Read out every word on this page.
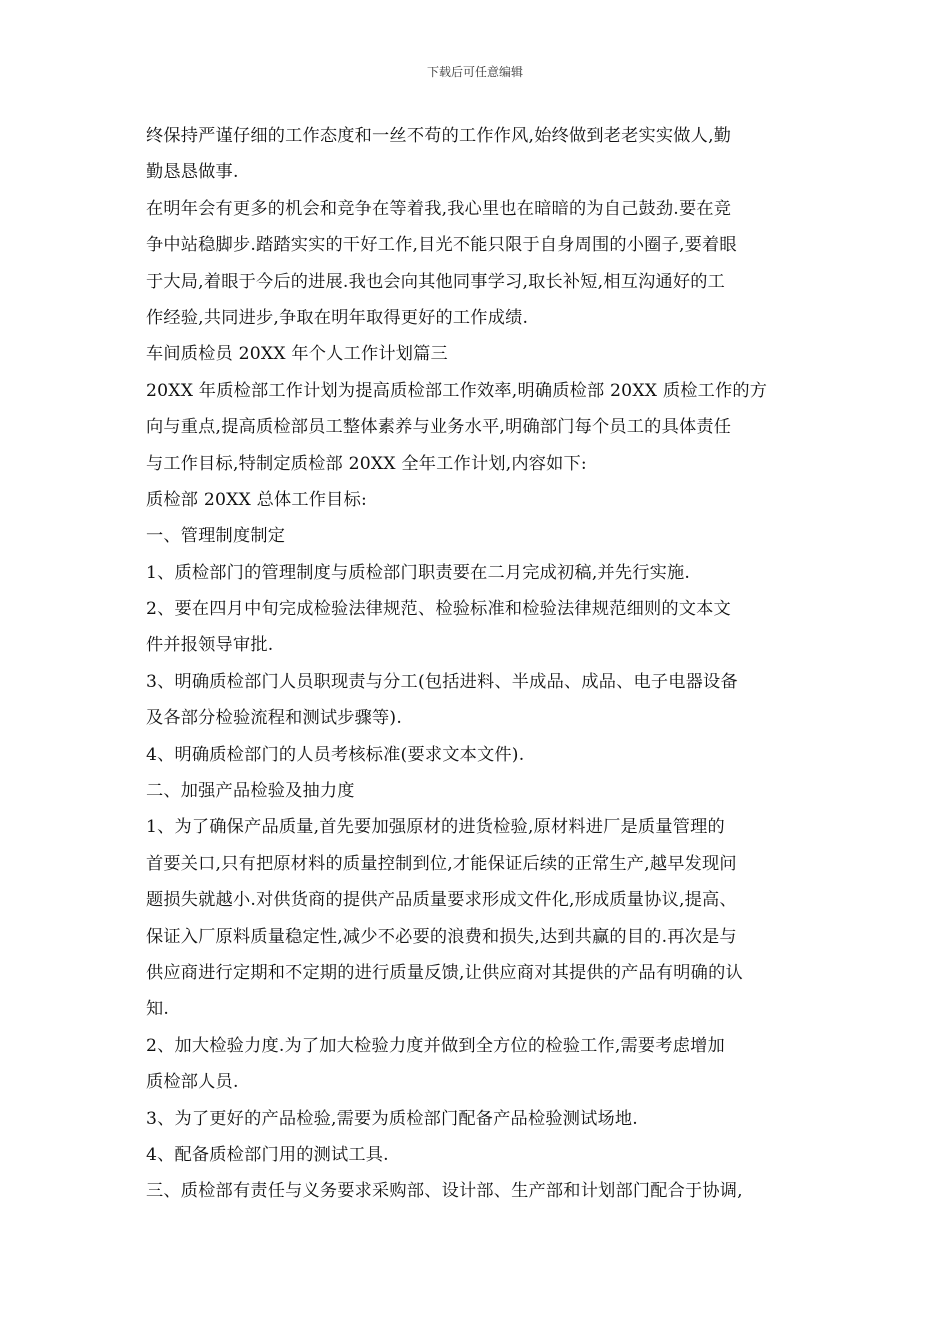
下载后可任意编辑
终保持严谨仔细的工作态度和一丝不苟的工作作风,始终做到老老实实做人,勤
勤恳恳做事.
在明年会有更多的机会和竞争在等着我,我心里也在暗暗的为自己鼓劲.要在竞
争中站稳脚步.踏踏实实的干好工作,目光不能只限于自身周围的小圈子,要着眼
于大局,着眼于今后的进展.我也会向其他同事学习,取长补短,相互沟通好的工
作经验,共同进步,争取在明年取得更好的工作成绩.
车间质检员 20XX 年个人工作计划篇三
20XX 年质检部工作计划为提高质检部工作效率,明确质检部 20XX 质检工作的方
向与重点,提高质检部员工整体素养与业务水平,明确部门每个员工的具体责任
与工作目标,特制定质检部 20XX 全年工作计划,内容如下:
质检部 20XX 总体工作目标:
一、管理制度制定
1、质检部门的管理制度与质检部门职责要在二月完成初稿,并先行实施.
2、要在四月中旬完成检验法律规范、检验标准和检验法律规范细则的文本文
件并报领导审批.
3、明确质检部门人员职现责与分工(包括进料、半成品、成品、电子电器设备
及各部分检验流程和测试步骤等).
4、明确质检部门的人员考核标准(要求文本文件).
二、加强产品检验及抽力度
1、为了确保产品质量,首先要加强原材的进货检验,原材料进厂是质量管理的
首要关口,只有把原材料的质量控制到位,才能保证后续的正常生产,越早发现问
题损失就越小.对供货商的提供产品质量要求形成文件化,形成质量协议,提高、
保证入厂原料质量稳定性,减少不必要的浪费和损失,达到共赢的目的.再次是与
供应商进行定期和不定期的进行质量反馈,让供应商对其提供的产品有明确的认
知.
2、加大检验力度.为了加大检验力度并做到全方位的检验工作,需要考虑增加
质检部人员.
3、为了更好的产品检验,需要为质检部门配备产品检验测试场地.
4、配备质检部门用的测试工具.
三、质检部有责任与义务要求采购部、设计部、生产部和计划部门配合于协调,
